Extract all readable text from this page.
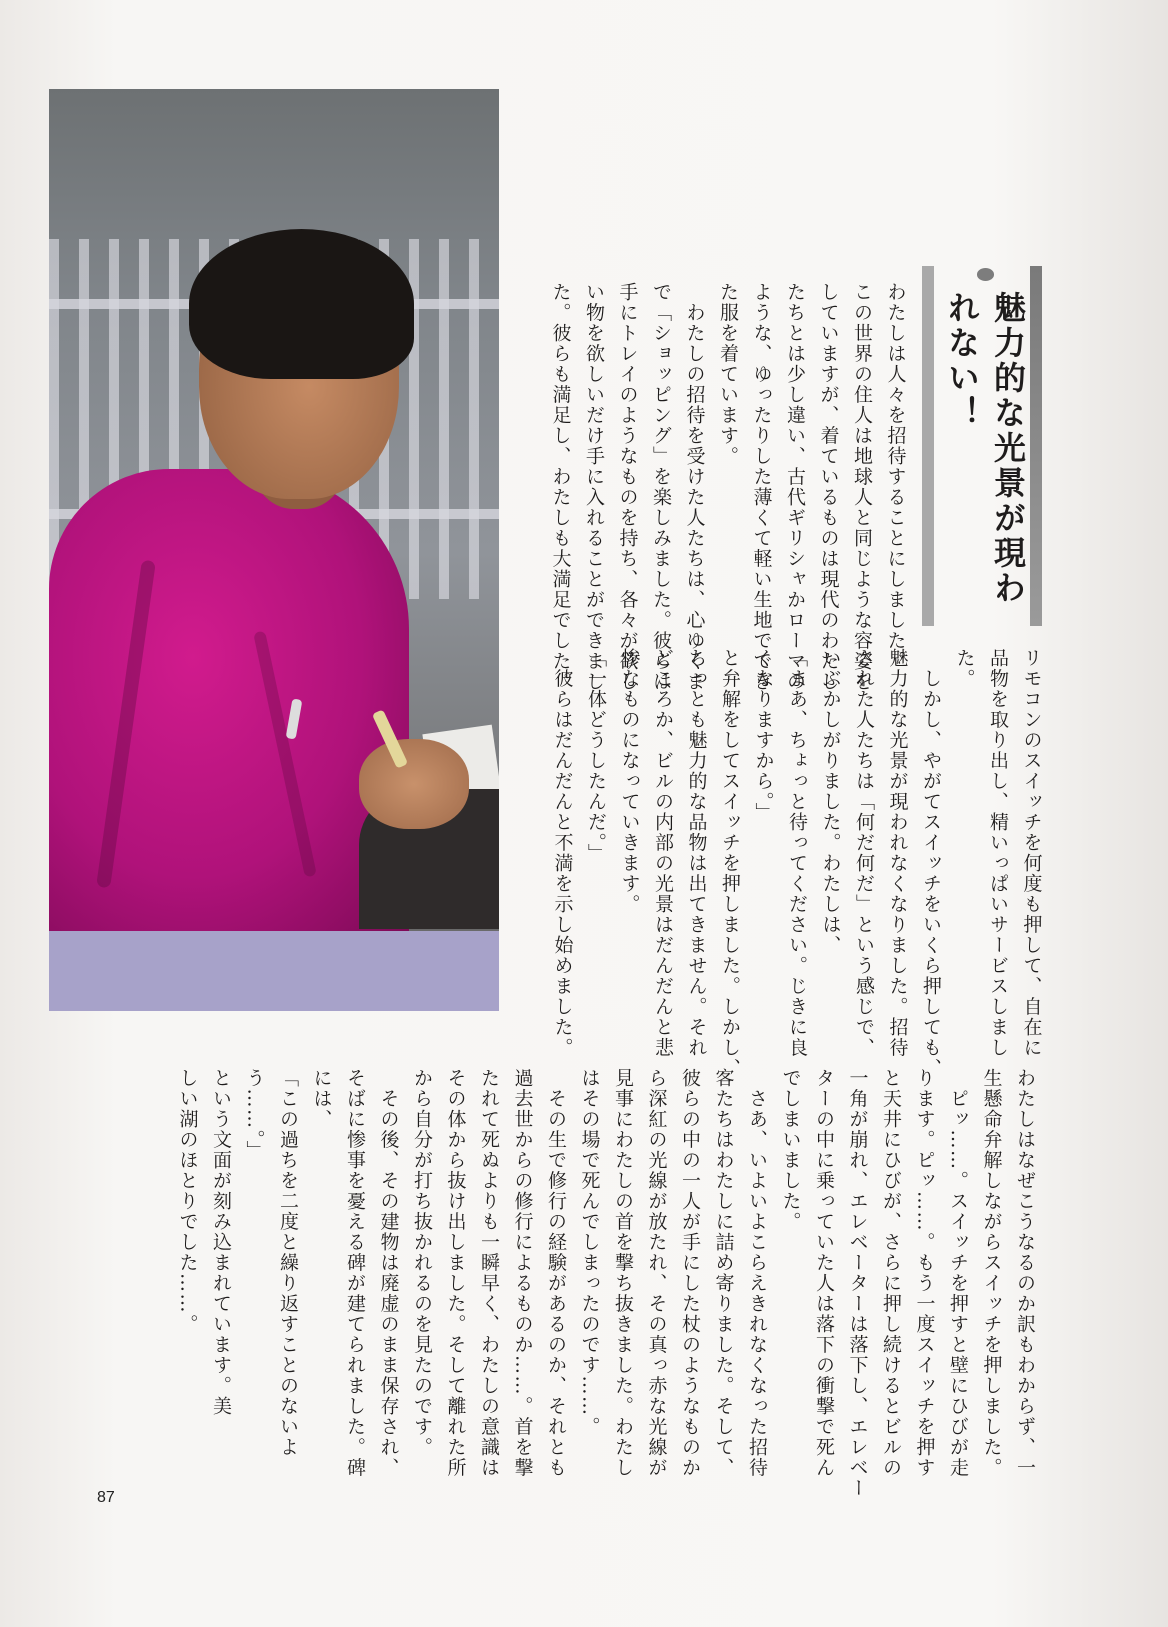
魅力的な光景が現われない！
わたしは人々を招待することにしました。
この世界の住人は地球人と同じような容姿を
していますが、着ているものは現代のわたし
たちとは少し違い、古代ギリシャかローマの
ような、ゆったりした薄くて軽い生地ででき
た服を着ています。
　わたしの招待を受けた人たちは、心ゆくま
で「ショッピング」を楽しみました。彼らは
手にトレイのようなものを持ち、各々が欲し
い物を欲しいだけ手に入れることができまし
た。彼らも満足し、わたしも大満足でした。
リモコンのスイッチを何度も押して、自在に
品物を取り出し、精いっぱいサービスしまし
た。
　しかし、やがてスイッチをいくら押しても、
魅力的な光景が現われなくなりました。招待
された人たちは「何だ何だ」という感じで、
いぶかしがりました。わたしは、
「まあ、ちょっと待ってください。じきに良
くなりますから。」
と弁解をしてスイッチを押しました。しかし、
ちっとも魅力的な品物は出てきません。それ
どころか、ビルの内部の光景はだんだんと悲
惨なものになっていきます。
「一体どうしたんだ。」
　彼らはだんだんと不満を示し始めました。
わたしはなぜこうなるのか訳もわからず、一
生懸命弁解しながらスイッチを押しました。
　ピッ……。スイッチを押すと壁にひびが走
ります。ピッ……。もう一度スイッチを押す
と天井にひびが、さらに押し続けるとビルの
一角が崩れ、エレベーターは落下し、エレベー
ターの中に乗っていた人は落下の衝撃で死ん
でしまいました。
　さあ、いよいよこらえきれなくなった招待
客たちはわたしに詰め寄りました。そして、
彼らの中の一人が手にした杖のようなものか
ら深紅の光線が放たれ、その真っ赤な光線が
見事にわたしの首を撃ち抜きました。わたし
はその場で死んでしまったのです……。
　その生で修行の経験があるのか、それとも
過去世からの修行によるものか……。首を撃
たれて死ぬよりも一瞬早く、わたしの意識は
その体から抜け出しました。そして離れた所
から自分が打ち抜かれるのを見たのです。
　その後、その建物は廃虚のまま保存され、
そばに惨事を憂える碑が建てられました。碑
には、
「この過ちを二度と繰り返すことのないよ
う……。」
という文面が刻み込まれています。美
しい湖のほとりでした……。
87
